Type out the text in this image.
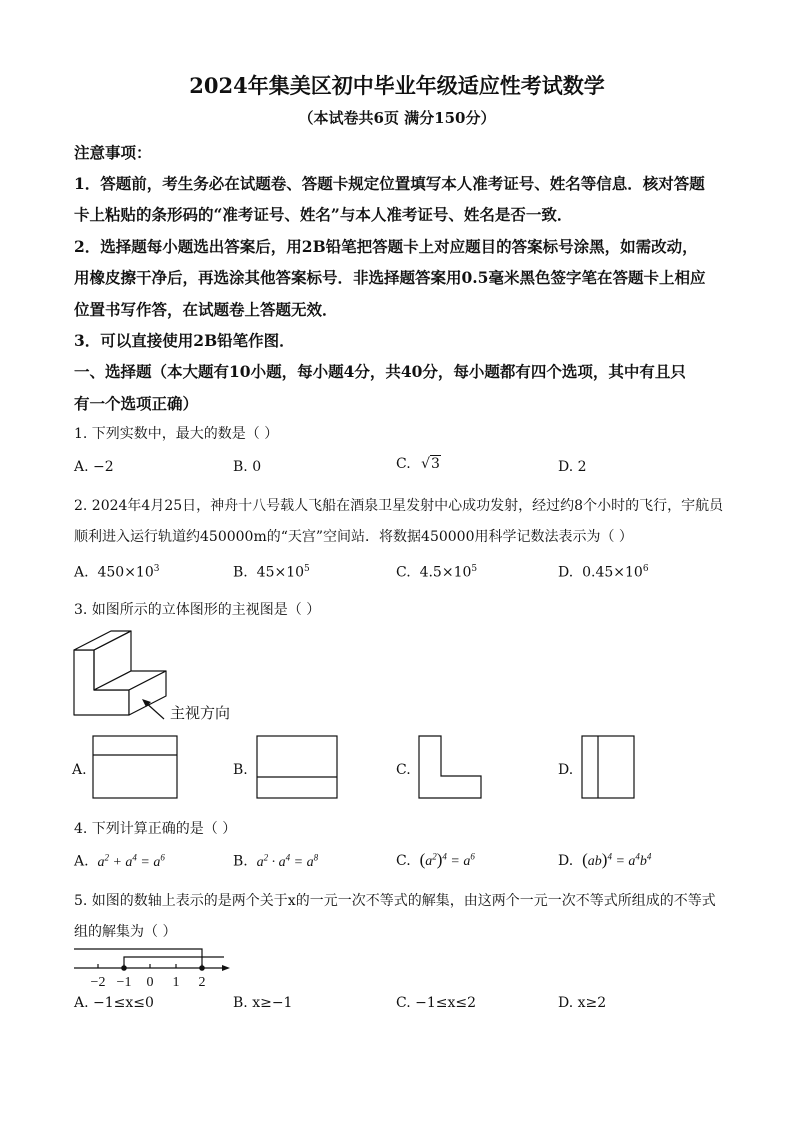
2024年集美区初中毕业年级适应性考试数学
（本试卷共6页 满分150分）
注意事项：
1．答题前，考生务必在试题卷、答题卡规定位置填写本人准考证号、姓名等信息．核对答题
卡上粘贴的条形码的“准考证号、姓名”与本人准考证号、姓名是否一致．
2．选择题每小题选出答案后，用2B铅笔把答题卡上对应题目的答案标号涂黑，如需改动，
用橡皮擦干净后，再选涂其他答案标号．非选择题答案用0.5毫米黑色签字笔在答题卡上相应
位置书写作答，在试题卷上答题无效．
3．可以直接使用2B铅笔作图．
一、选择题（本大题有10小题，每小题4分，共40分，每小题都有四个选项，其中有且只
有一个选项正确）
1. 下列实数中，最大的数是（ ）
A. −2	B. 0	C. √3	D. 2
2. 2024年4月25日，神舟十八号载人飞船在酒泉卫星发射中心成功发射，经过约8个小时的飞行，宇航员
顺利进入运行轨道约450000m的“天宫”空间站．将数据450000用科学记数法表示为（ ）
A. $450\times 10^3$	B. $45\times 10^5$	C. $4.5\times 10^5$	D. $0.45\times 10^6$
3. 如图所示的立体图形的主视图是（ ）
主视方向
A.	B.	C.	D.
4. 下列计算正确的是（ ）
A. $a^2 + a^4 = a^6$	B. $a^2 \cdot a^4 = a^8$	C. $(a^2)^4 = a^6$	D. $(ab)^4 = a^4b^4$
5. 如图的数轴上表示的是两个关于x的一元一次不等式的解集，由这两个一元一次不等式所组成的不等式
组的解集为（ ）
−2 −1 0 1 2
A. −1≤x≤0	B. x≥−1	C. −1≤x≤2	D. x≥2
